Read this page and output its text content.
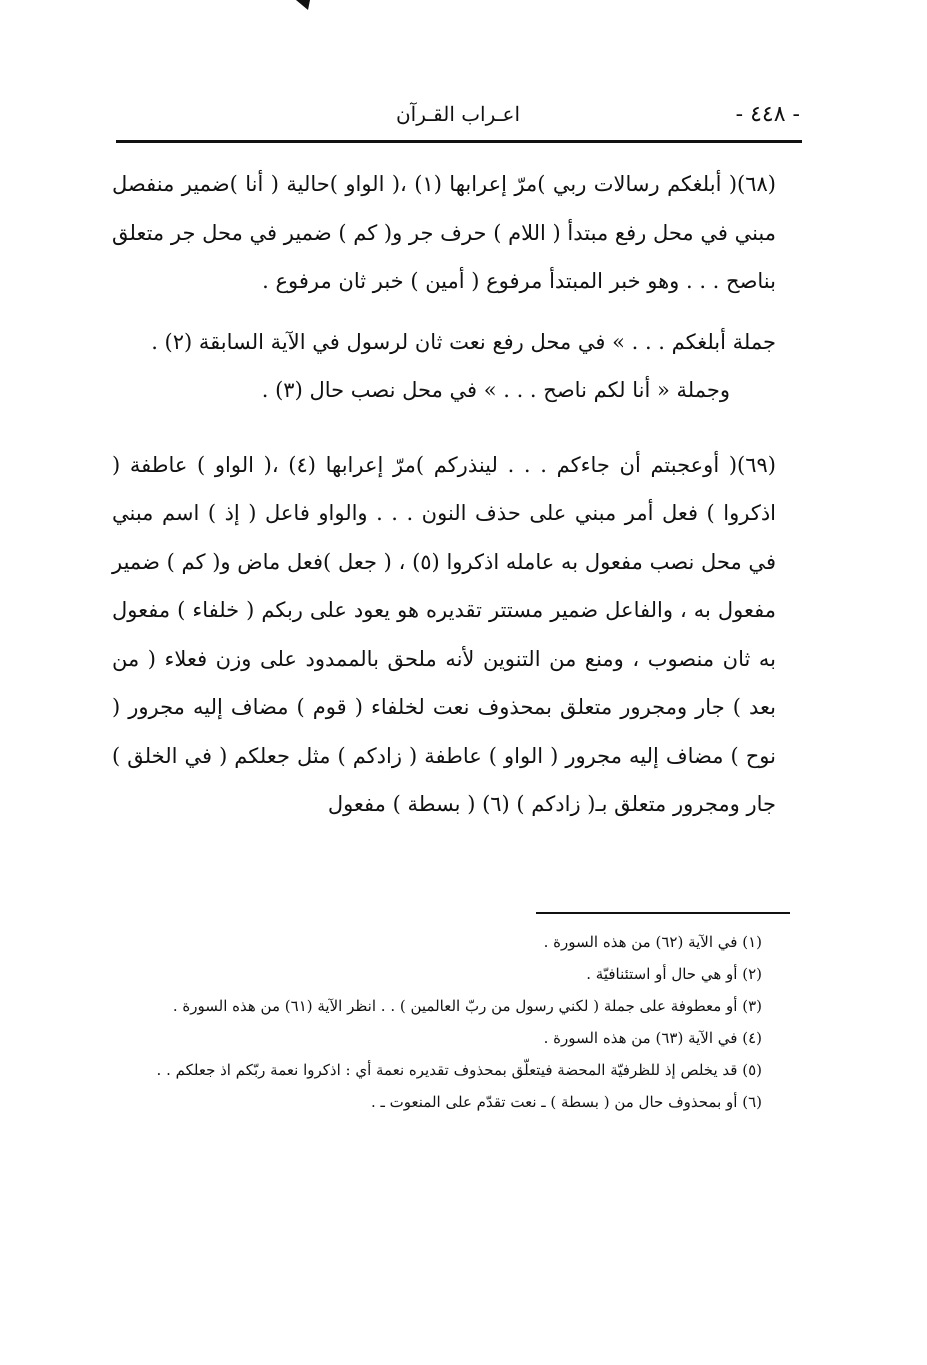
- ٤٤٨ -
اعـراب القـرآن

(٦٨)( أبلغكم رسالات ربي )مرّ إعرابها (١) ،( الواو )حالية ( أنا )ضمير منفصل مبني في محل رفع مبتدأ ( اللام ) حرف جر و( كم ) ضمير في محل جر متعلق بناصح . . . وهو خبر المبتدأ مرفوع ( أمين ) خبر ثان مرفوع .

جملة أبلغكم . . . » في محل رفع نعت ثان لرسول في الآية السابقة (٢) .

وجملة « أنا لكم ناصح . . . » في محل نصب حال (٣) .

(٦٩)( أوعجبتم أن جاءكم . . . لينذركم )مرّ إعرابها (٤) ،( الواو ) عاطفة ( اذكروا ) فعل أمر مبني على حذف النون . . . والواو فاعل ( إذ ) اسم مبني في محل نصب مفعول به عامله اذكروا (٥) ، ( جعل )فعل ماض و( كم ) ضمير مفعول به ، والفاعل ضمير مستتر تقديره هو يعود على ربكم ( خلفاء ) مفعول به ثان منصوب ، ومنع من التنوين لأنه ملحق بالممدود على وزن فعلاء ( من بعد ) جار ومجرور متعلق بمحذوف نعت لخلفاء ( قوم ) مضاف إليه مجرور ( نوح ) مضاف إليه مجرور ( الواو ) عاطفة ( زادكم ) مثل جعلكم ( في الخلق ) جار ومجرور متعلق بـ( زادكم ) (٦) ( بسطة ) مفعول

(١) في الآية (٦٢) من هذه السورة .

(٢) أو هي حال أو استئنافيّة .

(٣) أو معطوفة على جملة ( لكني رسول من ربّ العالمين ) . . انظر الآية (٦١) من هذه السورة .

(٤) في الآية (٦٣) من هذه السورة .

(٥) قد يخلص إذ للظرفيّة المحضة فيتعلّق بمحذوف تقديره نعمة أي : اذكروا نعمة ربّكم اذ جعلكم . .

(٦) أو بمحذوف حال من ( بسطة ) ـ نعت تقدّم على المنعوت ـ .
